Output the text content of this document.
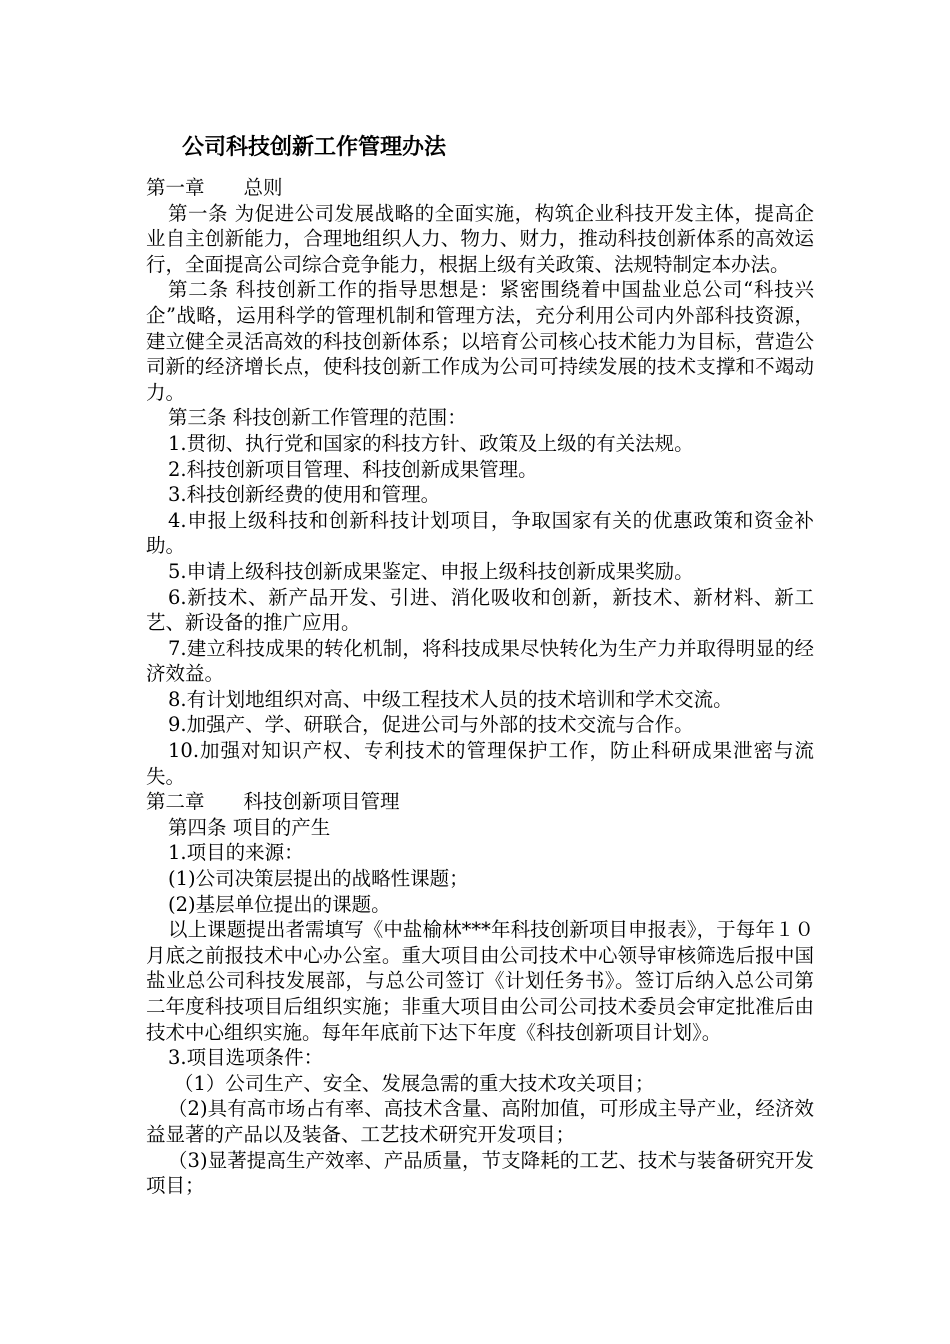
公司科技创新工作管理办法

第一章　　总则

第一条 为促进公司发展战略的全面实施，构筑企业科技开发主体，提高企业自主创新能力，合理地组织人力、物力、财力，推动科技创新体系的高效运行，全面提高公司综合竞争能力，根据上级有关政策、法规特制定本办法。

第二条 科技创新工作的指导思想是：紧密围绕着中国盐业总公司“科技兴企”战略，运用科学的管理机制和管理方法，充分利用公司内外部科技资源，建立健全灵活高效的科技创新体系；以培育公司核心技术能力为目标，营造公司新的经济增长点，使科技创新工作成为公司可持续发展的技术支撑和不竭动力。

第三条 科技创新工作管理的范围：

1.贯彻、执行党和国家的科技方针、政策及上级的有关法规。

2.科技创新项目管理、科技创新成果管理。

3.科技创新经费的使用和管理。

4.申报上级科技和创新科技计划项目，争取国家有关的优惠政策和资金补助。

5.申请上级科技创新成果鉴定、申报上级科技创新成果奖励。

6.新技术、新产品开发、引进、消化吸收和创新，新技术、新材料、新工艺、新设备的推广应用。

7.建立科技成果的转化机制，将科技成果尽快转化为生产力并取得明显的经济效益。

8.有计划地组织对高、中级工程技术人员的技术培训和学术交流。

9.加强产、学、研联合，促进公司与外部的技术交流与合作。

10.加强对知识产权、专利技术的管理保护工作，防止科研成果泄密与流失。

第二章　　科技创新项目管理

第四条 项目的产生

1.项目的来源：

(1)公司决策层提出的战略性课题；

(2)基层单位提出的课题。

以上课题提出者需填写《中盐榆林***年科技创新项目申报表》，于每年１０月底之前报技术中心办公室。重大项目由公司技术中心领导审核筛选后报中国盐业总公司科技发展部，与总公司签订《计划任务书》。签订后纳入总公司第二年度科技项目后组织实施；非重大项目由公司公司技术委员会审定批准后由技术中心组织实施。每年年底前下达下年度《科技创新项目计划》。

3.项目选项条件：

（1）公司生产、安全、发展急需的重大技术攻关项目；

（2)具有高市场占有率、高技术含量、高附加值，可形成主导产业，经济效益显著的产品以及装备、工艺技术研究开发项目；

（3)显著提高生产效率、产品质量，节支降耗的工艺、技术与装备研究开发项目；
